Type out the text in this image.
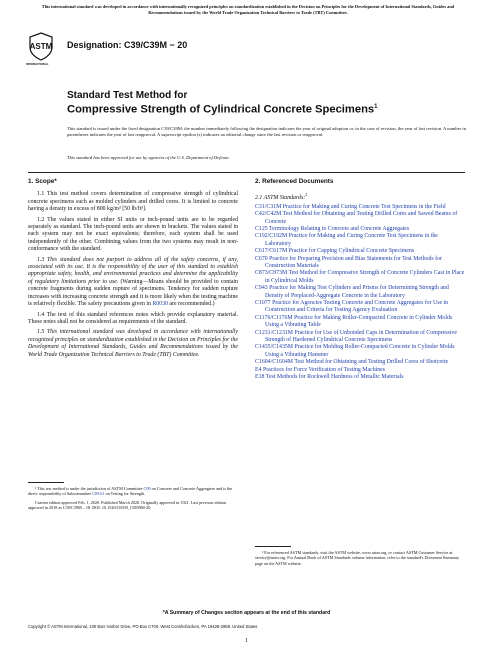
This international standard was developed in accordance with internationally recognized principles on standardization established in the Decision on Principles for the Development of International Standards, Guides and Recommendations issued by the World Trade Organization Technical Barriers to Trade (TBT) Committee.
ASTM
INTERNATIONAL
Designation: C39/C39M − 20
Standard Test Method for
Compressive Strength of Cylindrical Concrete Specimens$^1$
This standard is issued under the fixed designation C39/C39M; the number immediately following the designation indicates the year of original adoption or, in the case of revision, the year of last revision. A number in parentheses indicates the year of last reapproval. A superscript epsilon (ε) indicates an editorial change since the last revision or reapproval.
This standard has been approved for use by agencies of the U.S. Department of Defense.
1. Scope*

1.1 This test method covers determination of compressive strength of cylindrical concrete specimens such as molded cylinders and drilled cores. It is limited to concrete having a density in excess of 800 kg/m³ [50 lb/ft³].

1.2 The values stated in either SI units or inch-pound units are to be regarded separately as standard. The inch-pound units are shown in brackets. The values stated in each system may not be exact equivalents; therefore, each system shall be used independently of the other. Combining values from the two systems may result in non-conformance with the standard.

1.3 This standard does not purport to address all of the safety concerns, if any, associated with its use. It is the responsibility of the user of this standard to establish appropriate safety, health, and environmental practices and determine the applicability of regulatory limitations prior to use. (Warning—Means should be provided to contain concrete fragments during sudden rupture of specimens. Tendency for sudden rupture increases with increasing concrete strength and it is more likely when the testing machine is relatively flexible. The safety precautions given in R0030 are recommended.)

1.4 The text of this standard references notes which provide explanatory material. These notes shall not be considered as requirements of the standard.

1.5 This international standard was developed in accordance with internationally recognized principles on standardization established in the Decision on Principles for the Development of International Standards, Guides and Recommendations issued by the World Trade Organization Technical Barriers to Trade (TBT) Committee.

2. Referenced Documents
2.1 ASTM Standards:$^2$
C31/C31M Practice for Making and Curing Concrete Test Specimens in the Field
C42/C42M Test Method for Obtaining and Testing Drilled Cores and Sawed Beams of Concrete
C125 Terminology Relating to Concrete and Concrete Aggregates
C192/C192M Practice for Making and Curing Concrete Test Specimens in the Laboratory
C617/C617M Practice for Capping Cylindrical Concrete Specimens
C670 Practice for Preparing Precision and Bias Statements for Test Methods for Construction Materials
C873/C873M Test Method for Compressive Strength of Concrete Cylinders Cast in Place in Cylindrical Molds
C943 Practice for Making Test Cylinders and Prisms for Determining Strength and Density of Preplaced-Aggregate Concrete in the Laboratory
C1077 Practice for Agencies Testing Concrete and Concrete Aggregates for Use in Construction and Criteria for Testing Agency Evaluation
C1176/C1176M Practice for Making Roller-Compacted Concrete in Cylinder Molds Using a Vibrating Table
C1231/C1231M Practice for Use of Unbonded Caps in Determination of Compressive Strength of Hardened Cylindrical Concrete Specimens
C1435/C1435M Practice for Molding Roller-Compacted Concrete in Cylinder Molds Using a Vibrating Hammer
C1604/C1604M Test Method for Obtaining and Testing Drilled Cores of Shotcrete
E4 Practices for Force Verification of Testing Machines
E18 Test Methods for Rockwell Hardness of Metallic Materials

¹ This test method is under the jurisdiction of ASTM Committee C09 on Concrete and Concrete Aggregates and is the direct responsibility of Subcommittee C09.61 on Testing for Strength.

Current edition approved Feb. 1, 2020. Published March 2020. Originally approved in 1921. Last previous edition approved in 2018 as C39/C39M – 18. DOI: 10.1520/C0039_C0039M-20.

² For referenced ASTM standards, visit the ASTM website, www.astm.org, or contact ASTM Customer Service at service@astm.org. For Annual Book of ASTM Standards volume information, refer to the standard's Document Summary page on the ASTM website.

*A Summary of Changes section appears at the end of this standard
Copyright © ASTM International, 100 Barr Harbor Drive, PO Box C700, West Conshohocken, PA 19428-2959. United States
1
